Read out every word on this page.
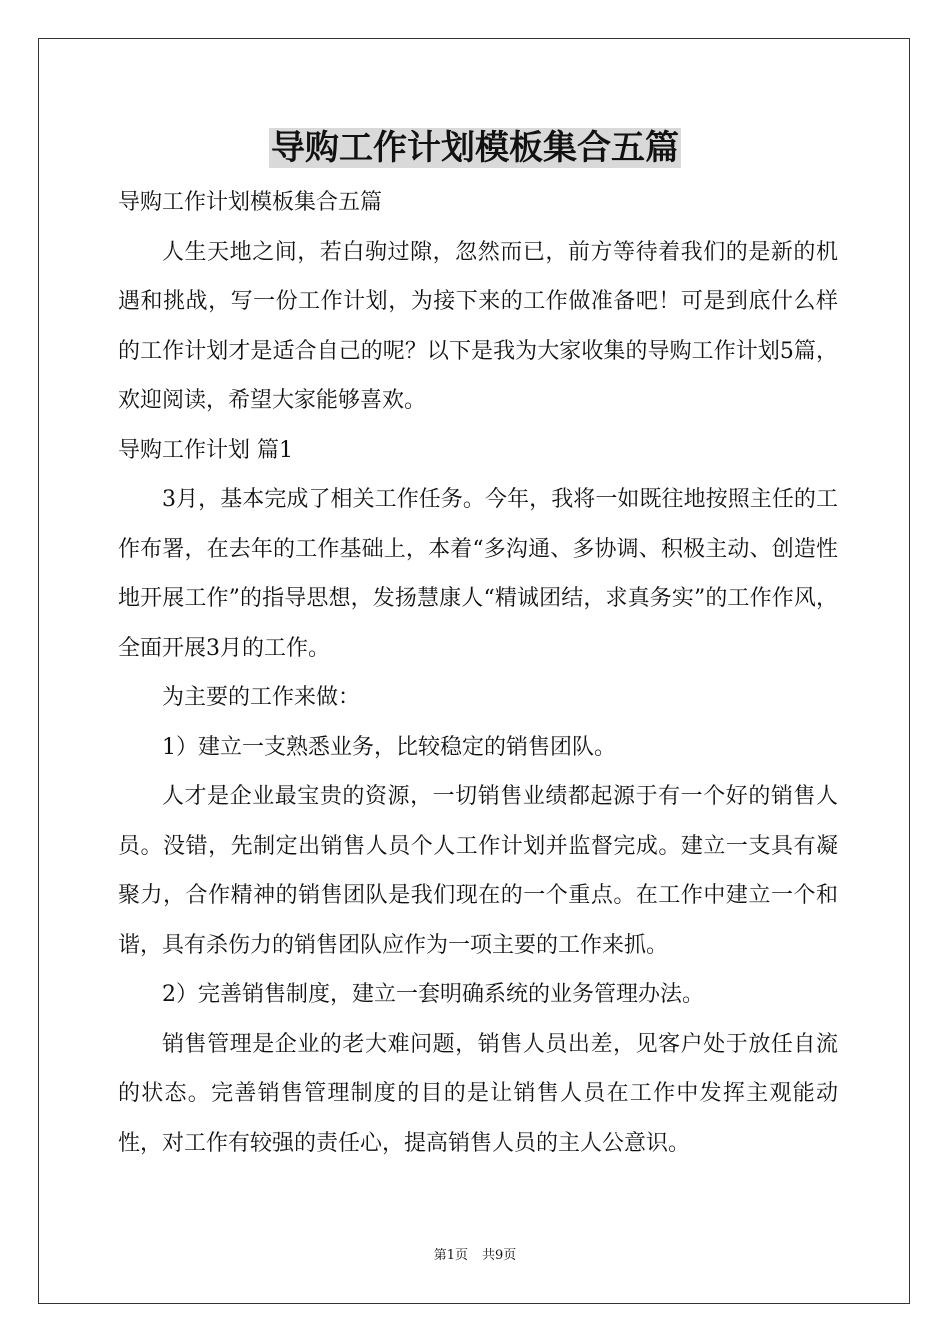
导购工作计划模板集合五篇

导购工作计划模板集合五篇

人生天地之间，若白驹过隙，忽然而已，前方等待着我们的是新的机遇和挑战，写一份工作计划，为接下来的工作做准备吧！可是到底什么样的工作计划才是适合自己的呢？以下是我为大家收集的导购工作计划5篇，欢迎阅读，希望大家能够喜欢。

导购工作计划 篇1

3月，基本完成了相关工作任务。今年，我将一如既往地按照主任的工作布署，在去年的工作基础上，本着“多沟通、多协调、积极主动、创造性地开展工作”的指导思想，发扬慧康人“精诚团结，求真务实”的工作作风，全面开展3月的工作。

为主要的工作来做：

1）建立一支熟悉业务，比较稳定的销售团队。

人才是企业最宝贵的资源，一切销售业绩都起源于有一个好的销售人员。没错，先制定出销售人员个人工作计划并监督完成。建立一支具有凝聚力，合作精神的销售团队是我们现在的一个重点。在工作中建立一个和谐，具有杀伤力的销售团队应作为一项主要的工作来抓。

2）完善销售制度，建立一套明确系统的业务管理办法。

销售管理是企业的老大难问题，销售人员出差，见客户处于放任自流的状态。完善销售管理制度的目的是让销售人员在工作中发挥主观能动性，对工作有较强的责任心，提高销售人员的主人公意识。

第1页 共9页
